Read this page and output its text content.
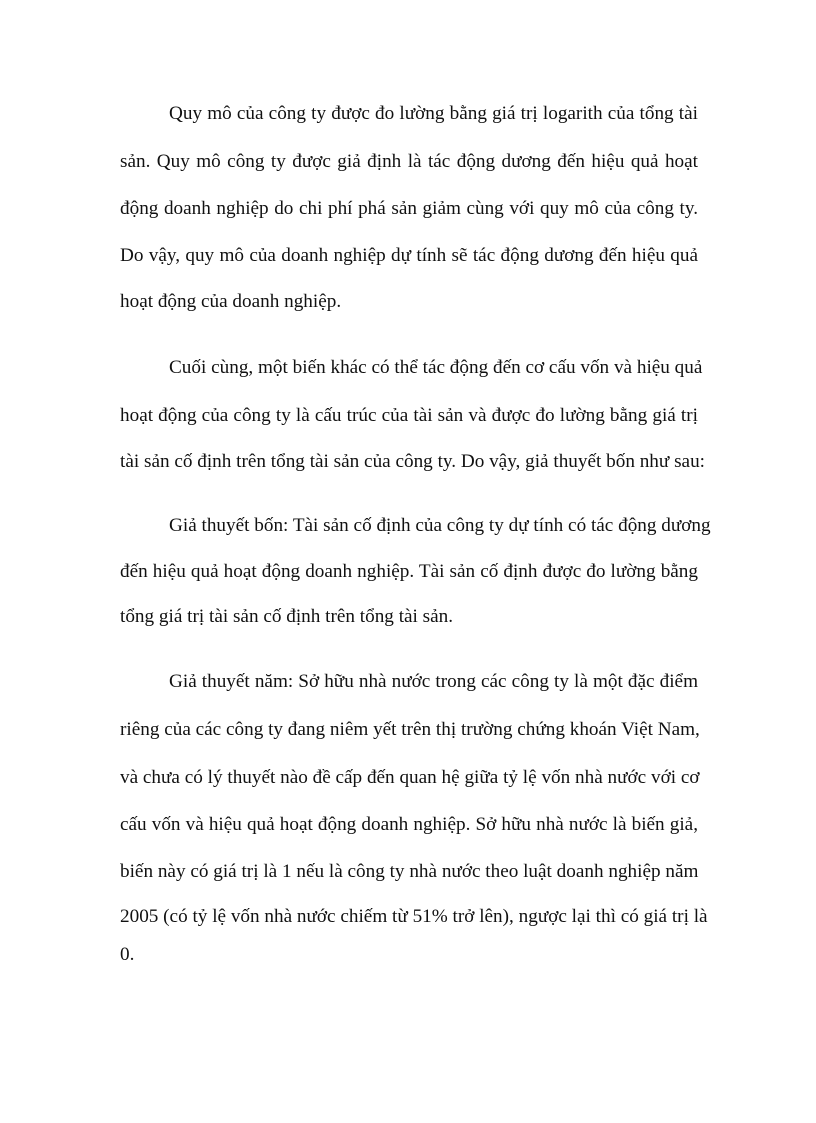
Quy mô của công ty được đo lường bằng giá trị logarith của tổng tài

sản. Quy mô công ty được giả định là tác động dương đến hiệu quả hoạt

động doanh nghiệp do chi phí phá sản giảm cùng với quy mô của công ty.

Do vậy, quy mô của doanh nghiệp dự tính sẽ tác động dương đến hiệu quả

hoạt động của doanh nghiệp.

Cuối cùng, một biến khác có thể tác động đến cơ cấu vốn và hiệu quả

hoạt động của công ty là cấu trúc của tài sản và được đo lường bằng giá trị

tài sản cố định trên tổng tài sản của công ty. Do vậy, giả thuyết bốn như sau:

Giả thuyết bốn: Tài sản cố định của công ty dự tính có tác động dương

đến hiệu quả hoạt động doanh nghiệp. Tài sản cố định được đo lường bằng

tổng giá trị tài sản cố định trên tổng tài sản.

Giả thuyết năm: Sở hữu nhà nước trong các công ty là một đặc điểm

riêng của các công ty đang niêm yết trên thị trường chứng khoán Việt Nam,

và chưa có lý thuyết nào đề cấp đến quan hệ giữa tỷ lệ vốn nhà nước với cơ

cấu vốn và hiệu quả hoạt động doanh nghiệp. Sở hữu nhà nước là biến giả,

biến này có giá trị là 1 nếu là công ty nhà nước theo luật doanh nghiệp năm

2005 (có tỷ lệ vốn nhà nước chiếm từ 51% trở lên), ngược lại thì có giá trị là

0.
